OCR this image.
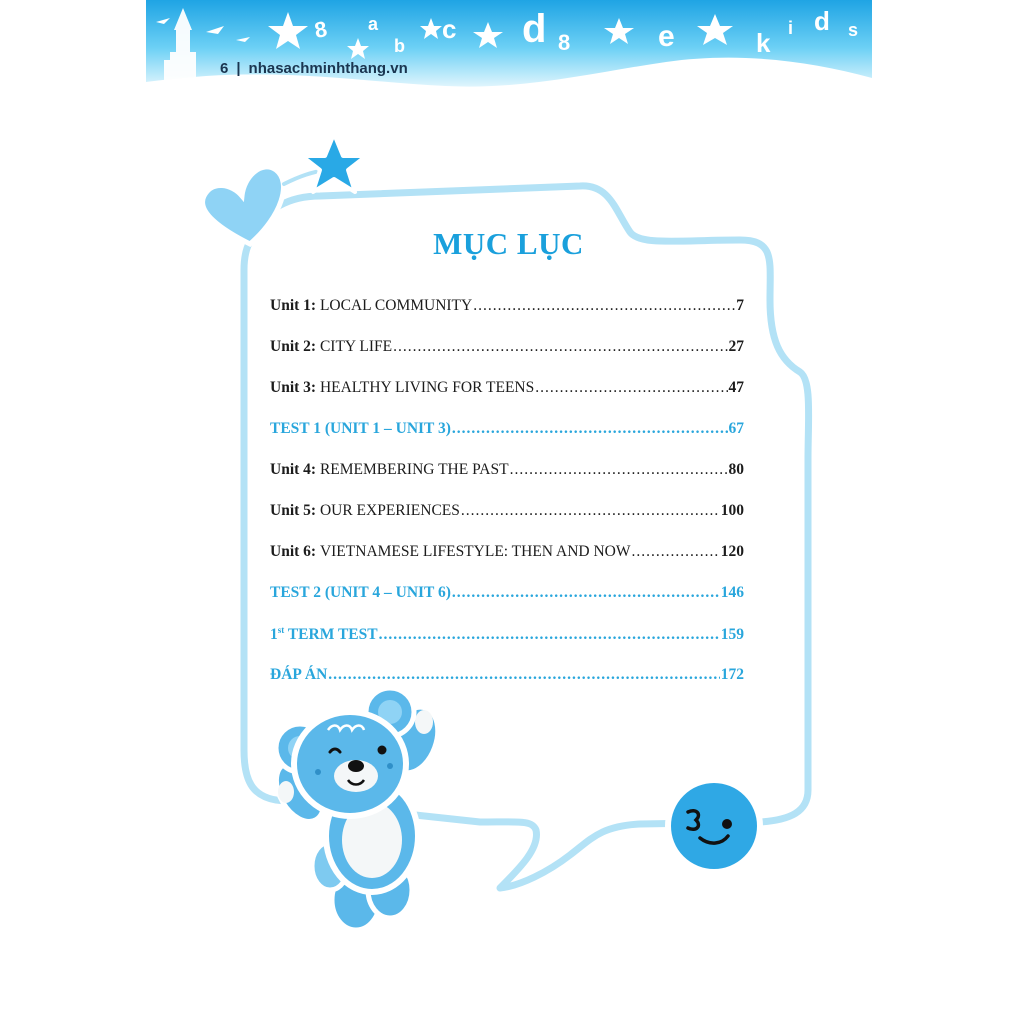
8 a
b
c d 8	e	k i d s
6 | nhasachminhthang.vn
MỤC LỤC
Unit 1: LOCAL COMMUNITY .....	7
Unit 2: CITY LIFE .....	27
Unit 3: HEALTHY LIVING FOR TEENS .....	47
TEST 1 (UNIT 1 – UNIT 3) .....	67
Unit 4: REMEMBERING THE PAST .....	80
Unit 5: OUR EXPERIENCES .....	100
Unit 6: VIETNAMESE LIFESTYLE: THEN AND NOW .....	120
TEST 2 (UNIT 4 – UNIT 6) .....	146
1st TERM TEST .....	159
ĐÁP ÁN .....	172
